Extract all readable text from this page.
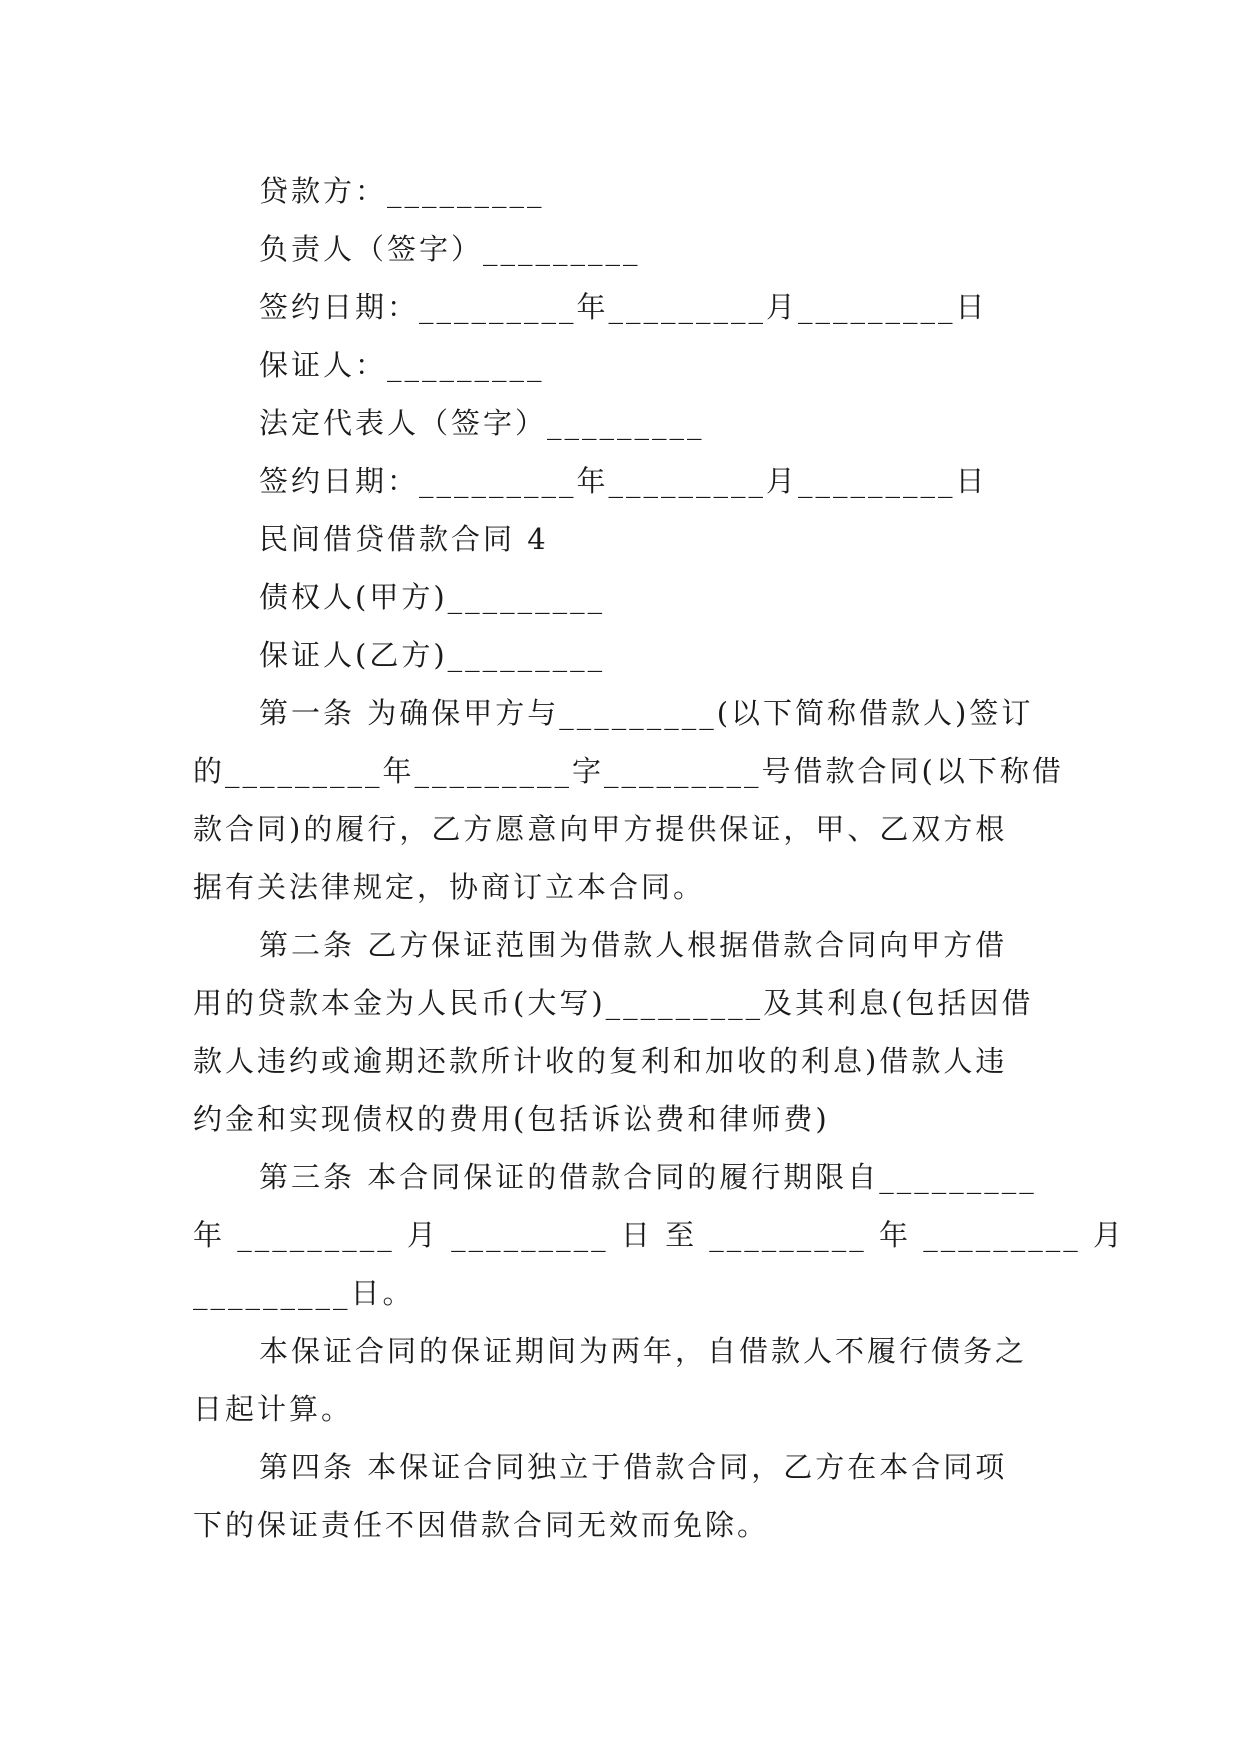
贷款方：_________
负责人（签字）_________
签约日期：_________年_________月_________日
保证人：_________
法定代表人（签字）_________
签约日期：_________年_________月_________日
民间借贷借款合同 4
债权人(甲方)_________
保证人(乙方)_________
第一条 为确保甲方与_________(以下简称借款人)签订
的_________年_________字_________号借款合同(以下称借
款合同)的履行，乙方愿意向甲方提供保证，甲、乙双方根
据有关法律规定，协商订立本合同。
第二条 乙方保证范围为借款人根据借款合同向甲方借
用的贷款本金为人民币(大写)_________及其利息(包括因借
款人违约或逾期还款所计收的复利和加收的利息)借款人违
约金和实现债权的费用(包括诉讼费和律师费)
第三条 本合同保证的借款合同的履行期限自_________
年 _________ 月 _________ 日 至 _________ 年 _________ 月
_________日。
本保证合同的保证期间为两年，自借款人不履行债务之
日起计算。
第四条 本保证合同独立于借款合同，乙方在本合同项
下的保证责任不因借款合同无效而免除。
